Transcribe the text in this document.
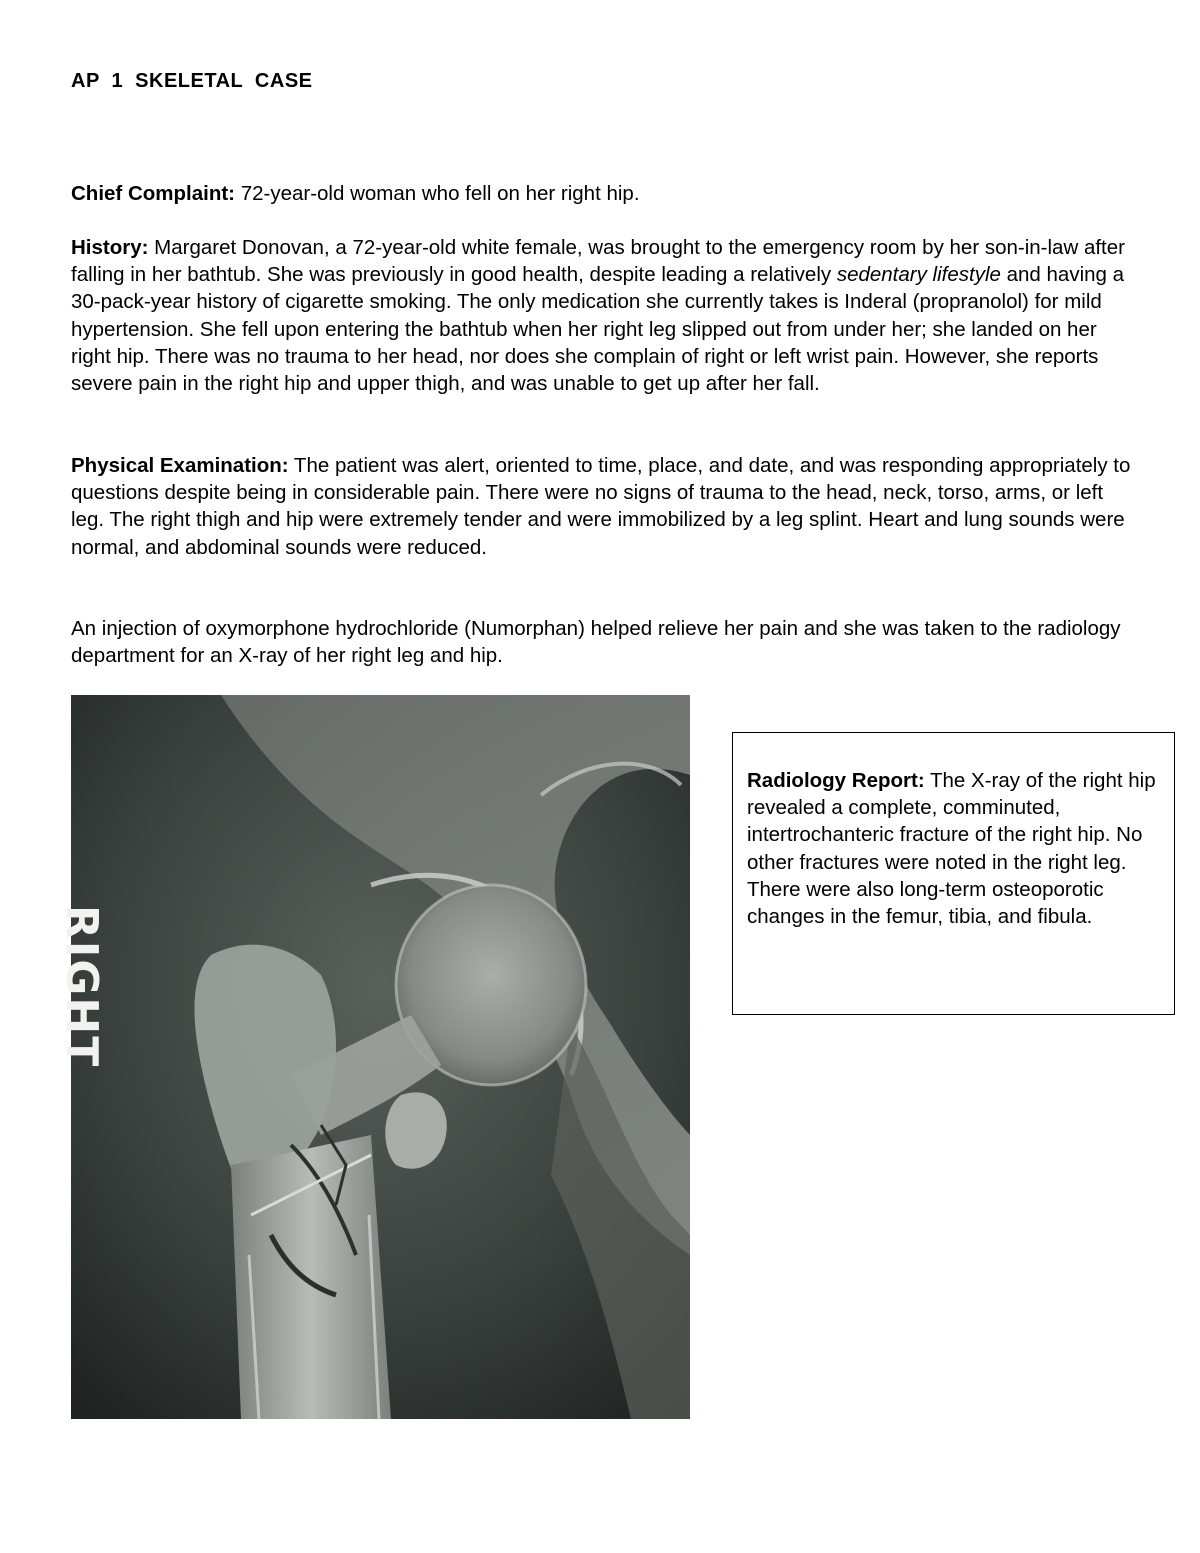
AP 1 SKELETAL CASE

Chief Complaint: 72-year-old woman who fell on her right hip.

History: Margaret Donovan, a 72-year-old white female, was brought to the emergency room by her son-in-law after falling in her bathtub. She was previously in good health, despite leading a relatively sedentary lifestyle and having a 30-pack-year history of cigarette smoking. The only medication she currently takes is Inderal (propranolol) for mild hypertension. She fell upon entering the bathtub when her right leg slipped out from under her; she landed on her right hip. There was no trauma to her head, nor does she complain of right or left wrist pain. However, she reports severe pain in the right hip and upper thigh, and was unable to get up after her fall.

Physical Examination: The patient was alert, oriented to time, place, and date, and was responding appropriately to questions despite being in considerable pain. There were no signs of trauma to the head, neck, torso, arms, or left leg. The right thigh and hip were extremely tender and were immobilized by a leg splint. Heart and lung sounds were normal, and abdominal sounds were reduced.

An injection of oxymorphone hydrochloride (Numorphan) helped relieve her pain and she was taken to the radiology department for an X-ray of her right leg and hip.

RIGHT

Radiology Report: The X-ray of the right hip revealed a complete, comminuted, intertrochanteric fracture of the right hip. No other fractures were noted in the right leg. There were also long-term osteoporotic changes in the femur, tibia, and fibula.
